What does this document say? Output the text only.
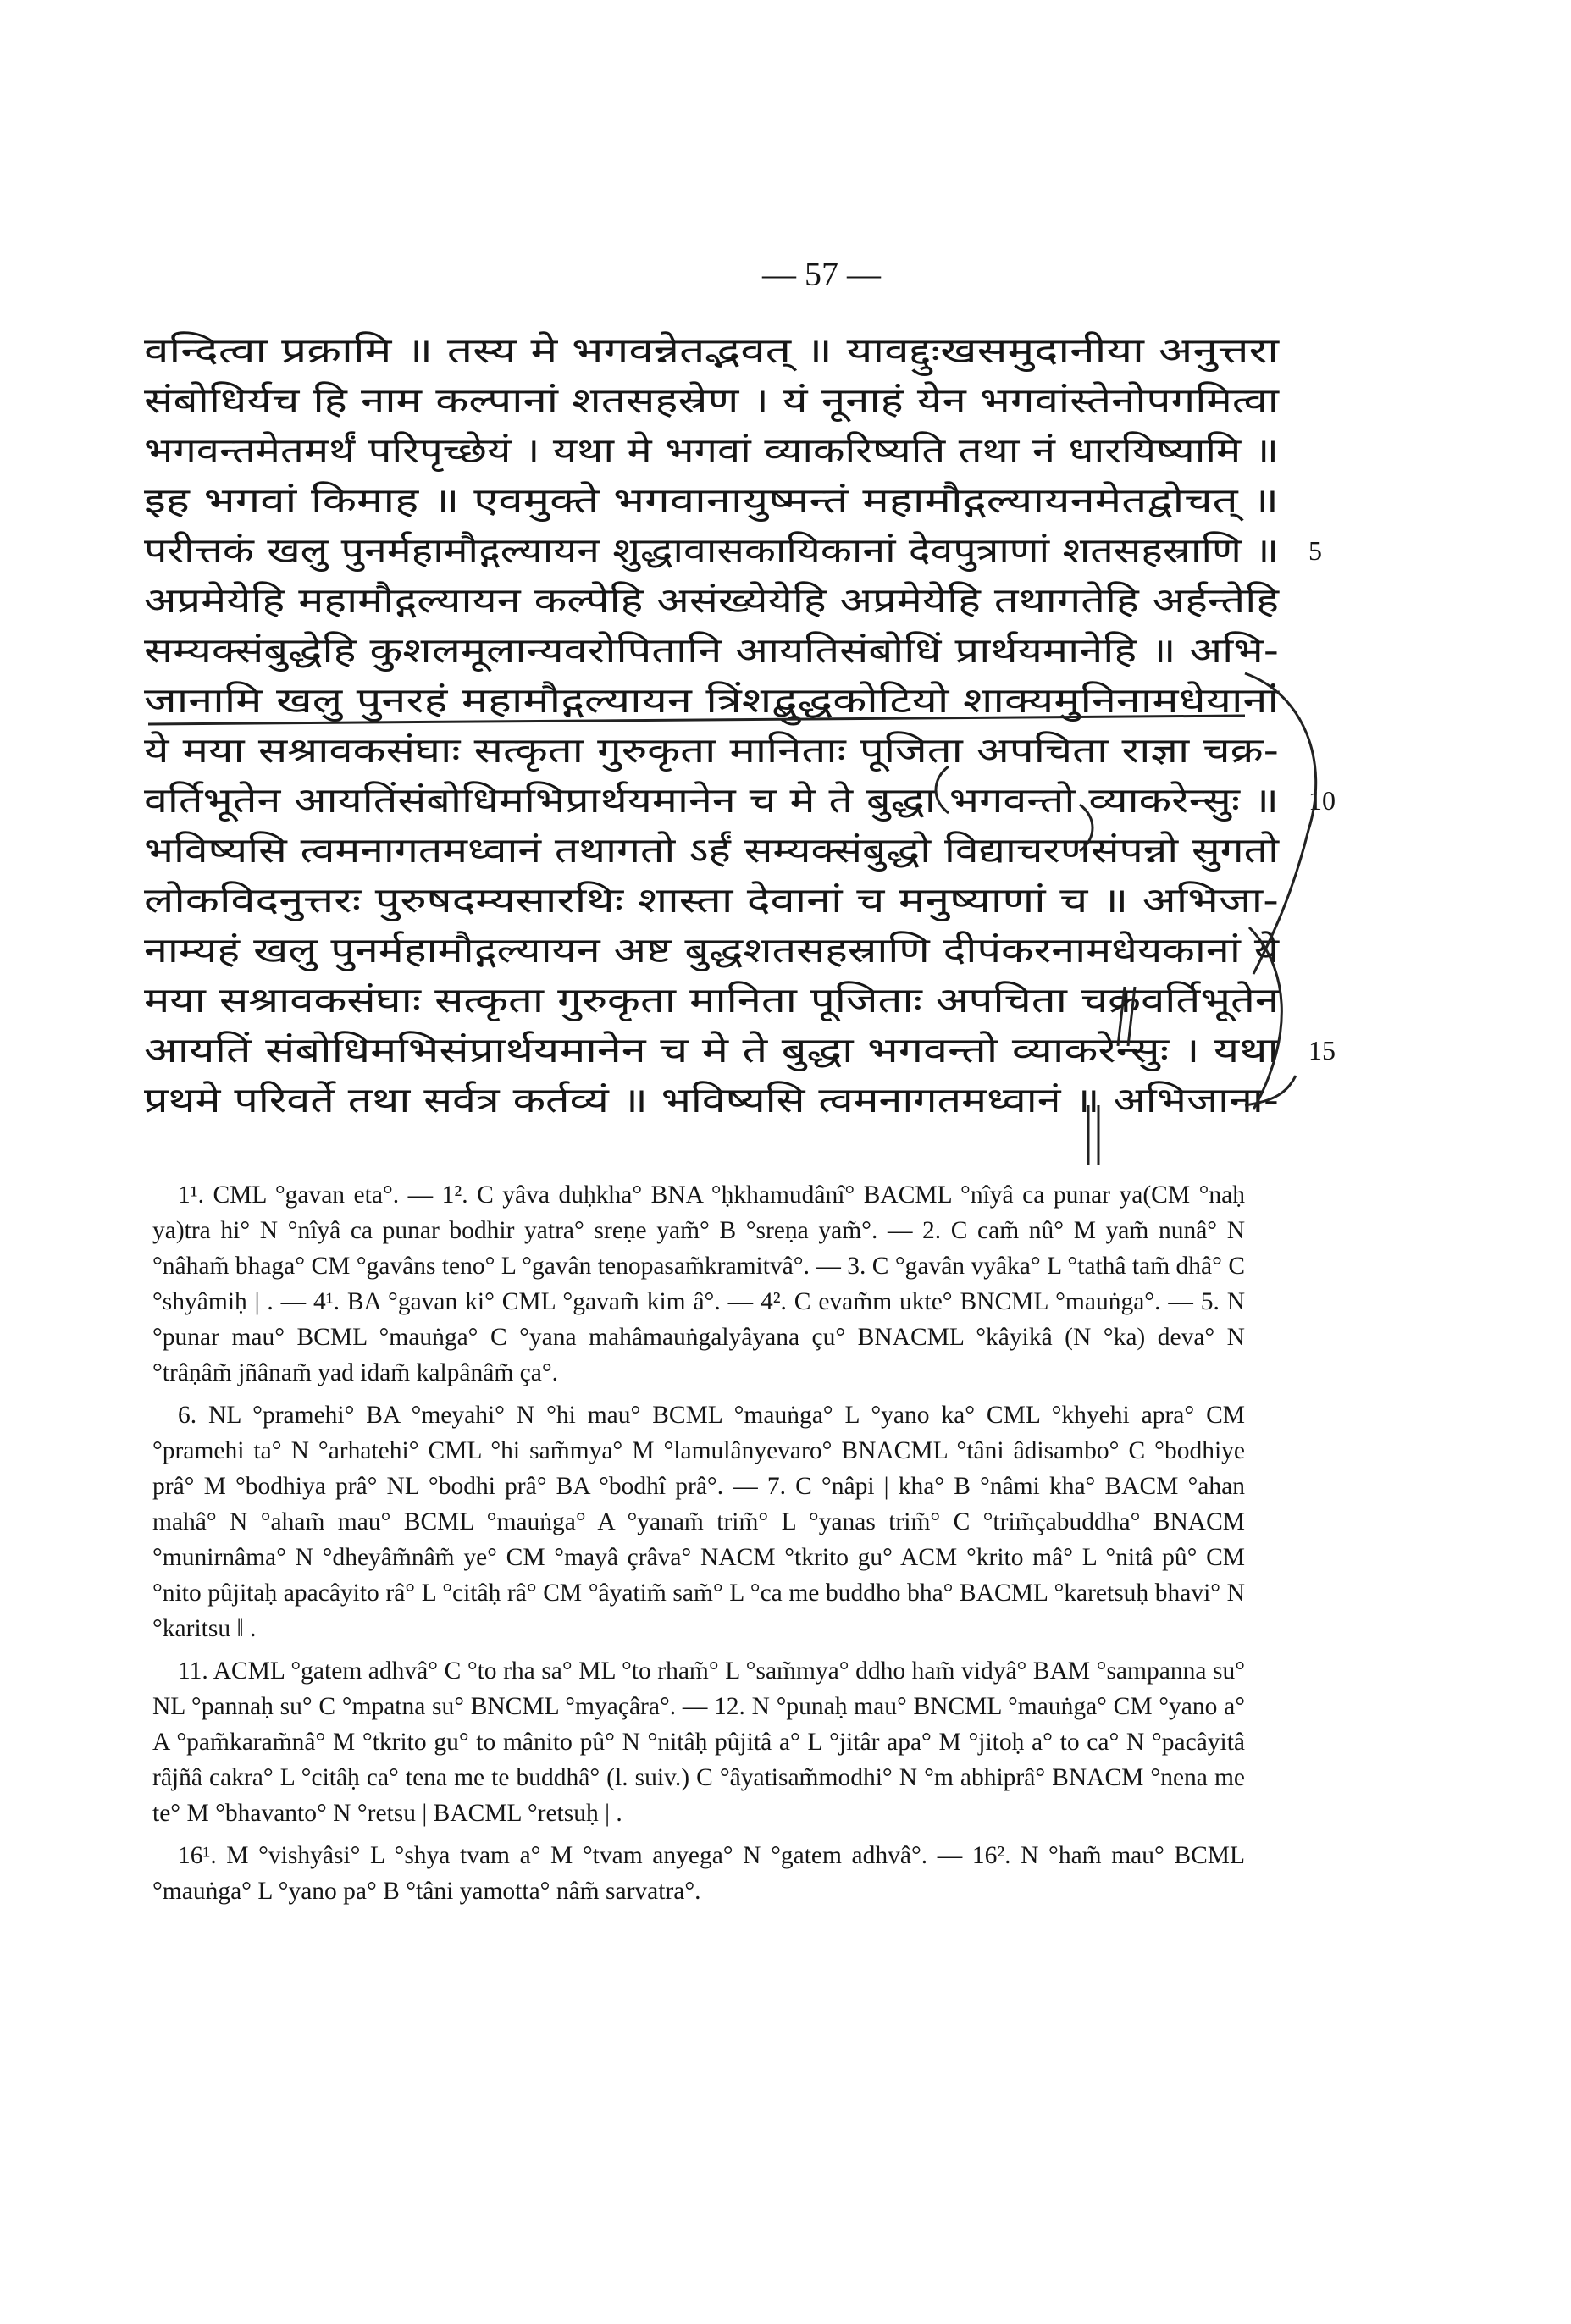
— 57 —
वन्दित्वा प्रक्रामि ॥ तस्य मे भगवन्नेतद्भवत् ॥ यावद्दुःखसमुदानीया अनुत्तरा
संबोधिर्यच हि नाम कल्पानां शतसहस्रेण । यं नूनाहं येन भगवांस्तेनोपगमित्वा
भगवन्तमेतमर्थं परिपृच्छेयं । यथा मे भगवां व्याकरिष्यति तथा नं धारयिष्यामि ॥
इह भगवां किमाह ॥ एवमुक्ते भगवानायुष्मन्तं महामौद्गल्यायनमेतद्वोचत् ॥
परीत्तकं खलु पुनर्महामौद्गल्यायन शुद्धावासकायिकानां देवपुत्राणां शतसहस्राणि ॥ 5
अप्रमेयेहि महामौद्गल्यायन कल्पेहि असंख्येयेहि अप्रमेयेहि तथागतेहि अर्हन्तेहि
सम्यक्संबुद्धेहि कुशलमूलान्यवरोपितानि आयतिसंबोधिं प्रार्थयमानेहि ॥ अभि-
जानामि खलु पुनरहं महामौद्गल्यायन त्रिंशद्बुद्धकोटियो शाक्यमुनिनामधेयानां
ये मया सश्रावकसंघाः सत्कृता गुरुकृता मानिताः पूजिता अपचिता राज्ञा चक्र-
वर्तिभूतेन आयतिंसंबोधिमभिप्रार्थयमानेन च मे ते बुद्धा भगवन्तो व्याकरेन्सुः ॥ 10
भविष्यसि त्वमनागतमध्वानं तथागतो ऽर्हं सम्यक्संबुद्धो विद्याचरणसंपन्नो सुगतो
लोकविदनुत्तरः पुरुषदम्यसारथिः शास्ता देवानां च मनुष्याणां च ॥ अभिजा-
नाम्यहं खलु पुनर्महामौद्गल्यायन अष्ट बुद्धशतसहस्राणि दीपंकरनामधेयकानां ये
मया सश्रावकसंघाः सत्कृता गुरुकृता मानिता पूजिताः अपचिता चक्रवर्तिभूतेन
आयतिं संबोधिमभिसंप्रार्थयमानेन च मे ते बुद्धा भगवन्तो व्याकरेन्सुः । यथा 15
प्रथमे परिवर्ते तथा सर्वत्र कर्तव्यं ॥ भविष्यसि त्वमनागतमध्वानं ॥ अभिजाना-

1¹. CML °gavan eta°. — 1². C yâva duḥkha° BNA °ḥkhamudânî° BACML °nîyâ ca punar ya(CM °naḥ ya)tra hi° N °nîyâ ca punar bodhir yatra° sreṇe yam̃° B °sreṇa yam̃°. — 2. C cam̃ nû° M yam̃ nunâ° N °nâham̃ bhaga° CM °gavâns teno° L °gavân tenopasam̃kramitvâ°. — 3. C °gavân vyâka° L °tathâ tam̃ dhâ° C °shyâmiḥ | . — 4¹. BA °gavan ki° CML °gavam̃ kim â°. — 4². C evam̃m ukte° BNCML °mauṅga°. — 5. N °punar mau° BCML °mauṅga° C °yana mahâmauṅgalyâyana çu° BNACML °kâyikâ (N °ka) deva° N °trâṇâm̃ jñânam̃ yad idam̃ kalpânâm̃ ça°.

6. NL °pramehi° BA °meyahi° N °hi mau° BCML °mauṅga° L °yano ka° CML °khyehi apra° CM °pramehi ta° N °arhatehi° CML °hi sam̃mya° M °lamulânyevaro° BNACML °tâni âdisambo° C °bodhiye prâ° M °bodhiya prâ° NL °bodhi prâ° BA °bodhî prâ°. — 7. C °nâpi | kha° B °nâmi kha° BACM °ahan mahâ° N °aham̃ mau° BCML °mauṅga° A °yanam̃ trim̃° L °yanas trim̃° C °trim̃çabuddha° BNACM °munirnâma° N °dheyâm̃nâm̃ ye° CM °mayâ çrâva° NACM °tkrito gu° ACM °krito mâ° L °nitâ pû° CM °nito pûjitaḥ apacâyito râ° L °citâḥ râ° CM °âyatim̃ sam̃° L °ca me buddho bha° BACML °karetsuḥ bhavi° N °karitsu ‖ .

11. ACML °gatem adhvâ° C °to rha sa° ML °to rham̃° L °sam̃mya° ddho ham̃ vidyâ° BAM °sampanna su° NL °pannaḥ su° C °mpatna su° BNCML °myaçâra°. — 12. N °punaḥ mau° BNCML °mauṅga° CM °yano a° A °pam̃karam̃nâ° M °tkrito gu° to mânito pû° N °nitâḥ pûjitâ a° L °jitâr apa° M °jitoḥ a° to ca° N °pacâyitâ râjñâ cakra° L °citâḥ ca° tena me te buddhâ° (l. suiv.) C °âyatisam̃modhi° N °m abhiprâ° BNACM °nena me te° M °bhavanto° N °retsu | BACML °retsuḥ | .

16¹. M °vishyâsi° L °shya tvam a° M °tvam anyega° N °gatem adhvâ°. — 16². N °ham̃ mau° BCML °mauṅga° L °yano pa° B °tâni yamotta° nâm̃ sarvatra°.
